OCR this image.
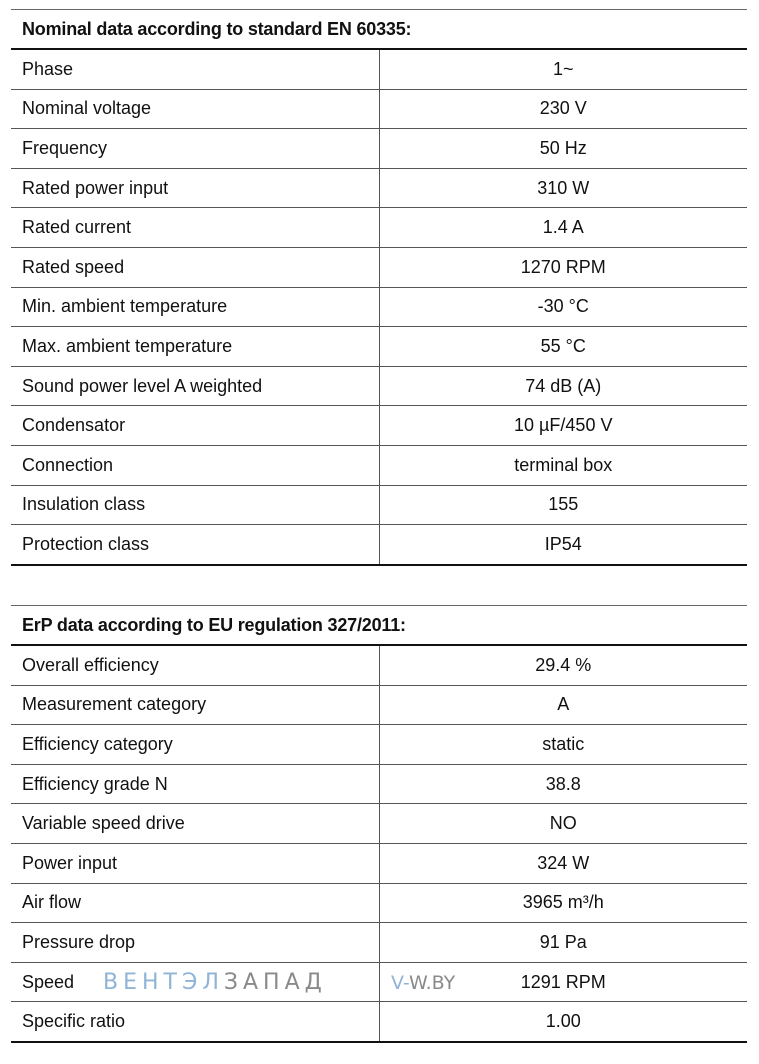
Nominal data according to standard EN 60335:	
Phase	1~
Nominal voltage	230 V
Frequency	50 Hz
Rated power input	310 W
Rated current	1.4 A
Rated speed	1270 RPM
Min. ambient temperature	-30 °C
Max. ambient temperature	55 °C
Sound power level A weighted	74 dB (A)
Condensator	10 µF/450 V
Connection	terminal box
Insulation class	155
Protection class	IP54
ErP data according to EU regulation 327/2011:	
Overall efficiency	29.4 %
Measurement category	A
Efficiency category	static
Efficiency grade N	38.8
Variable speed drive	NO
Power input	324 W
Air flow	3965 m³/h
Pressure drop	91 Pa
Speed	1291 RPM
Specific ratio	1.00
ВЕНТЭЛЗАПАД	V-W.BY
